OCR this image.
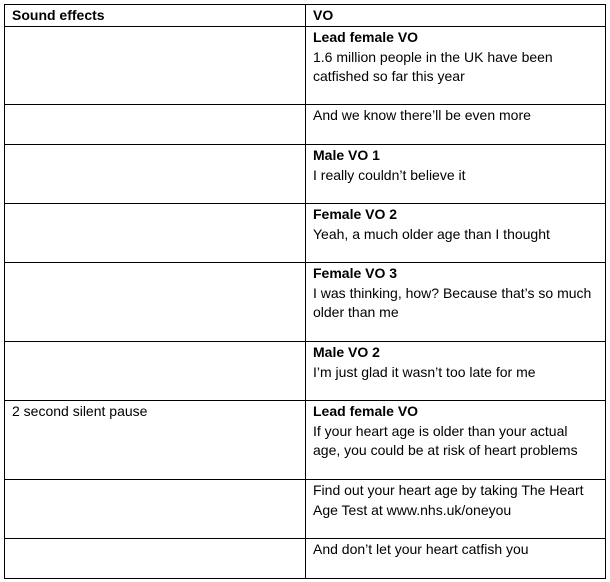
Sound effects	VO

	Lead female VO
1.6 million people in the UK have been catfished so far this year

	And we know there’ll be even more

	Male VO 1
I really couldn’t believe it

	Female VO 2
Yeah, a much older age than I thought

	Female VO 3
I was thinking, how? Because that’s so much older than me

	Male VO 2
I’m just glad it wasn’t too late for me

2 second silent pause	Lead female VO
If your heart age is older than your actual age, you could be at risk of heart problems

	Find out your heart age by taking The Heart Age Test at www.nhs.uk/oneyou

	And don’t let your heart catfish you
